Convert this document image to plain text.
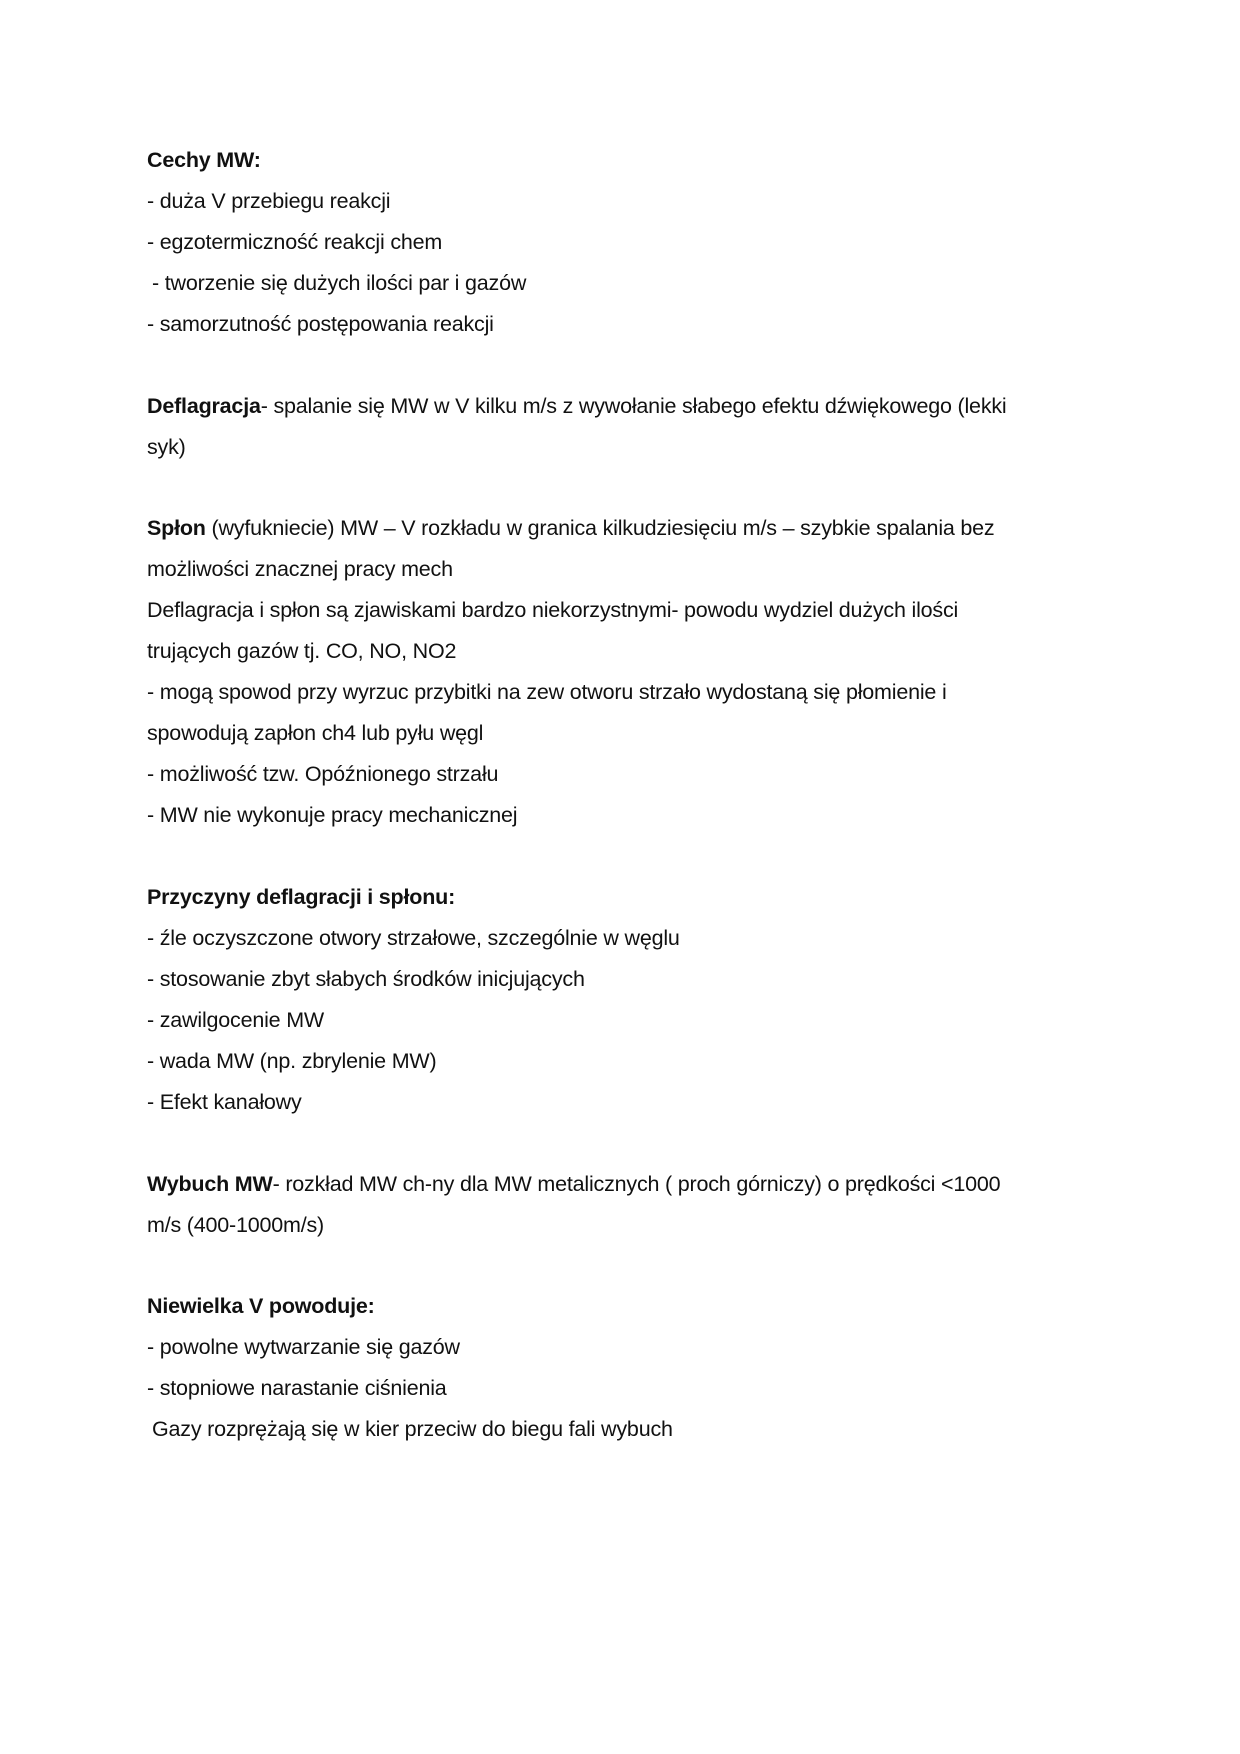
Cechy MW:
- duża V przebiegu reakcji
- egzotermiczność reakcji chem
- tworzenie się dużych ilości par i gazów
- samorzutność postępowania reakcji
Deflagracja- spalanie się MW w V kilku m/s z wywołanie słabego efektu dźwiękowego (lekki
syk)
Spłon (wyfukniecie) MW – V rozkładu w granica kilkudziesięciu m/s – szybkie spalania bez
możliwości znacznej pracy mech
Deflagracja i spłon są zjawiskami bardzo niekorzystnymi- powodu wydziel dużych ilości
trujących gazów tj. CO, NO, NO2
- mogą spowod przy wyrzuc przybitki na zew otworu strzało wydostaną się płomienie i
spowodują zapłon ch4 lub pyłu węgl
- możliwość tzw. Opóźnionego strzału
- MW nie wykonuje pracy mechanicznej
Przyczyny deflagracji i spłonu:
- źle oczyszczone otwory strzałowe, szczególnie w węglu
- stosowanie zbyt słabych środków inicjujących
- zawilgocenie MW
- wada MW (np. zbrylenie MW)
- Efekt kanałowy
Wybuch MW- rozkład MW ch-ny dla MW metalicznych ( proch górniczy) o prędkości <1000
m/s (400-1000m/s)
Niewielka V powoduje:
- powolne wytwarzanie się gazów
- stopniowe narastanie ciśnienia
Gazy rozprężają się w kier przeciw do biegu fali wybuch
